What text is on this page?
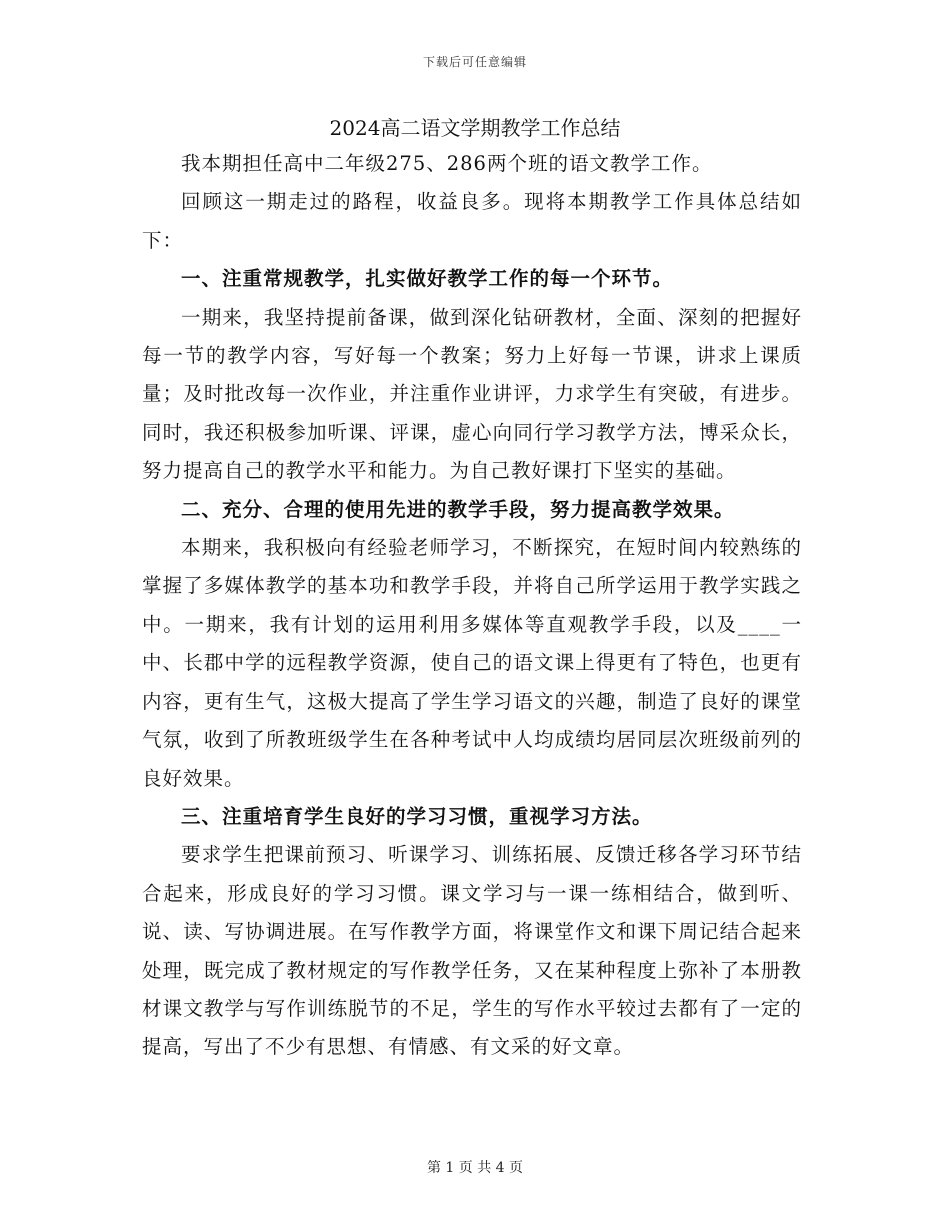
下载后可任意编辑
2024高二语文学期教学工作总结

我本期担任高中二年级275、286两个班的语文教学工作。

回顾这一期走过的路程，收益良多。现将本期教学工作具体总结如下：

一、注重常规教学，扎实做好教学工作的每一个环节。

一期来，我坚持提前备课，做到深化钻研教材，全面、深刻的把握好每一节的教学内容，写好每一个教案；努力上好每一节课，讲求上课质量；及时批改每一次作业，并注重作业讲评，力求学生有突破，有进步。同时，我还积极参加听课、评课，虚心向同行学习教学方法，博采众长，努力提高自己的教学水平和能力。为自己教好课打下坚实的基础。

二、充分、合理的使用先进的教学手段，努力提高教学效果。

本期来，我积极向有经验老师学习，不断探究，在短时间内较熟练的掌握了多媒体教学的基本功和教学手段，并将自己所学运用于教学实践之中。一期来，我有计划的运用利用多媒体等直观教学手段，以及____一中、长郡中学的远程教学资源，使自己的语文课上得更有了特色，也更有内容，更有生气，这极大提高了学生学习语文的兴趣，制造了良好的课堂气氛，收到了所教班级学生在各种考试中人均成绩均居同层次班级前列的良好效果。

三、注重培育学生良好的学习习惯，重视学习方法。

要求学生把课前预习、听课学习、训练拓展、反馈迁移各学习环节结合起来，形成良好的学习习惯。课文学习与一课一练相结合，做到听、说、读、写协调进展。在写作教学方面，将课堂作文和课下周记结合起来处理，既完成了教材规定的写作教学任务，又在某种程度上弥补了本册教材课文教学与写作训练脱节的不足，学生的写作水平较过去都有了一定的提高，写出了不少有思想、有情感、有文采的好文章。

第 1 页 共 4 页
